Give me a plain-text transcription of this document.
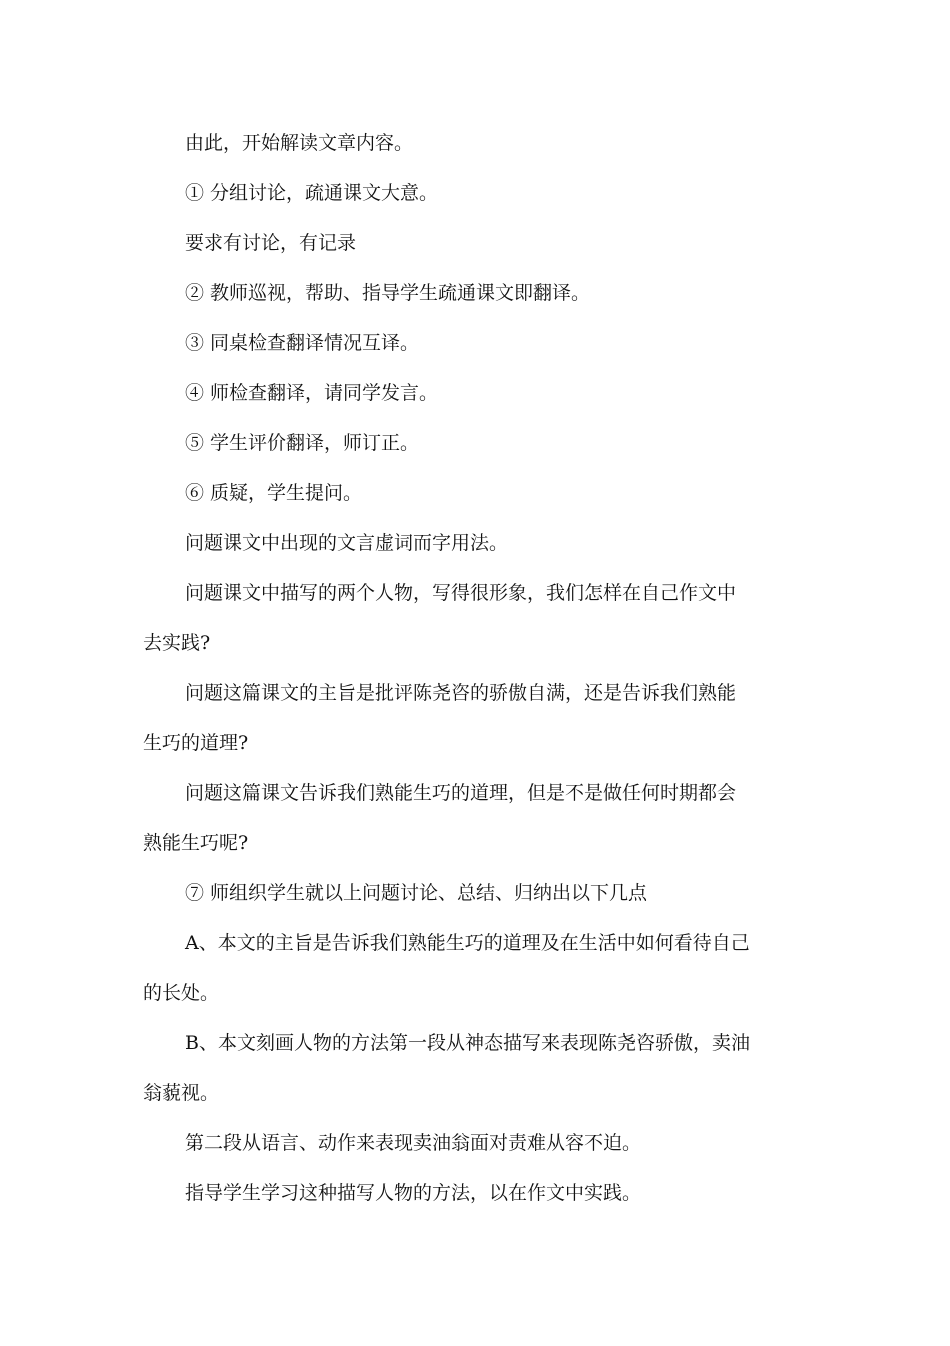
由此，开始解读文章内容。

① 分组讨论，疏通课文大意。

要求有讨论，有记录

② 教师巡视，帮助、指导学生疏通课文即翻译。

③ 同桌检查翻译情况互译。

④ 师检查翻译，请同学发言。

⑤ 学生评价翻译，师订正。

⑥ 质疑，学生提问。

问题课文中出现的文言虚词而字用法。

问题课文中描写的两个人物，写得很形象，我们怎样在自己作文中去实践?

问题这篇课文的主旨是批评陈尧咨的骄傲自满，还是告诉我们熟能生巧的道理?

问题这篇课文告诉我们熟能生巧的道理，但是不是做任何时期都会熟能生巧呢?

⑦ 师组织学生就以上问题讨论、总结、归纳出以下几点

A、本文的主旨是告诉我们熟能生巧的道理及在生活中如何看待自己的长处。

B、本文刻画人物的方法第一段从神态描写来表现陈尧咨骄傲，卖油翁藐视。

第二段从语言、动作来表现卖油翁面对责难从容不迫。

指导学生学习这种描写人物的方法，以在作文中实践。
